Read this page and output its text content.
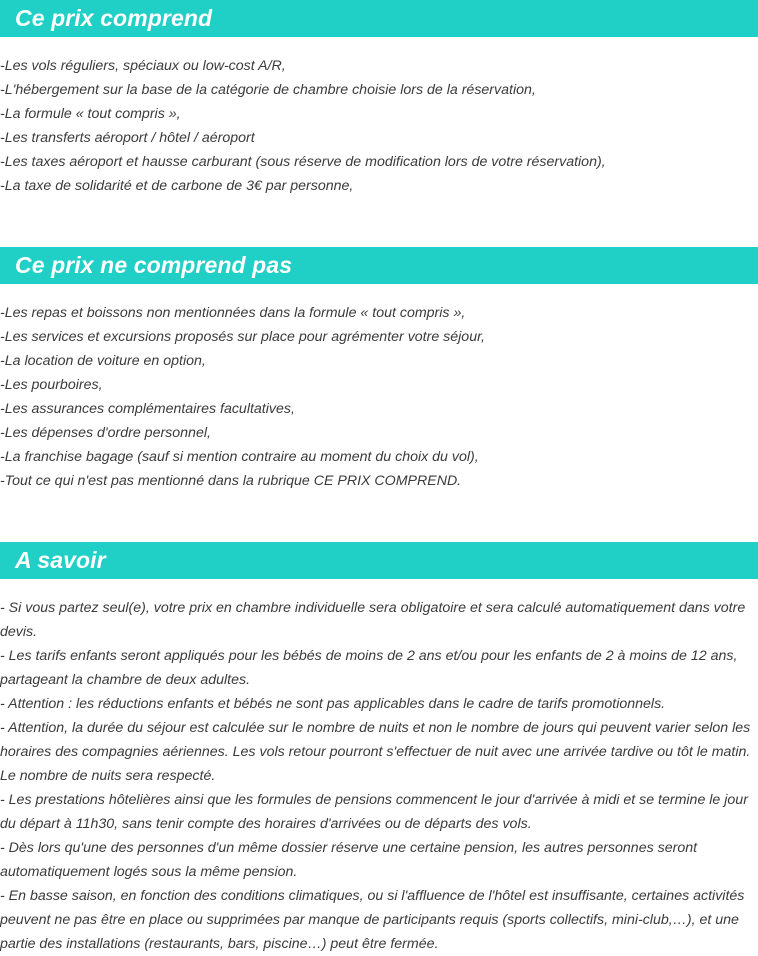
Ce prix comprend
-Les vols réguliers, spéciaux ou low-cost A/R,
-L'hébergement sur la base de la catégorie de chambre choisie lors de la réservation,
-La formule « tout compris »,
-Les transferts aéroport / hôtel / aéroport
-Les taxes aéroport et hausse carburant (sous réserve de modification lors de votre réservation),
-La taxe de solidarité et de carbone de 3€ par personne,
Ce prix ne comprend pas
-Les repas et boissons non mentionnées dans la formule « tout compris »,
-Les services et excursions proposés sur place pour agrémenter votre séjour,
-La location de voiture en option,
-Les pourboires,
-Les assurances complémentaires facultatives,
-Les dépenses d'ordre personnel,
-La franchise bagage (sauf si mention contraire au moment du choix du vol),
-Tout ce qui n'est pas mentionné dans la rubrique CE PRIX COMPREND.
A savoir
- Si vous partez seul(e), votre prix en chambre individuelle sera obligatoire et sera calculé automatiquement dans votre devis.
- Les tarifs enfants seront appliqués pour les bébés de moins de 2 ans et/ou pour les enfants de 2 à moins de 12 ans, partageant la chambre de deux adultes.
- Attention : les réductions enfants et bébés ne sont pas applicables dans le cadre de tarifs promotionnels.
- Attention, la durée du séjour est calculée sur le nombre de nuits et non le nombre de jours qui peuvent varier selon les horaires des compagnies aériennes. Les vols retour pourront s'effectuer de nuit avec une arrivée tardive ou tôt le matin. Le nombre de nuits sera respecté.
- Les prestations hôtelières ainsi que les formules de pensions commencent le jour d'arrivée à midi et se termine le jour du départ à 11h30, sans tenir compte des horaires d'arrivées ou de départs des vols.
- Dès lors qu'une des personnes d'un même dossier réserve une certaine pension, les autres personnes seront automatiquement logés sous la même pension.
- En basse saison, en fonction des conditions climatiques, ou si l'affluence de l'hôtel est insuffisante, certaines activités peuvent ne pas être en place ou supprimées par manque de participants requis (sports collectifs, mini-club,…), et une partie des installations (restaurants, bars, piscine…) peut être fermée.
